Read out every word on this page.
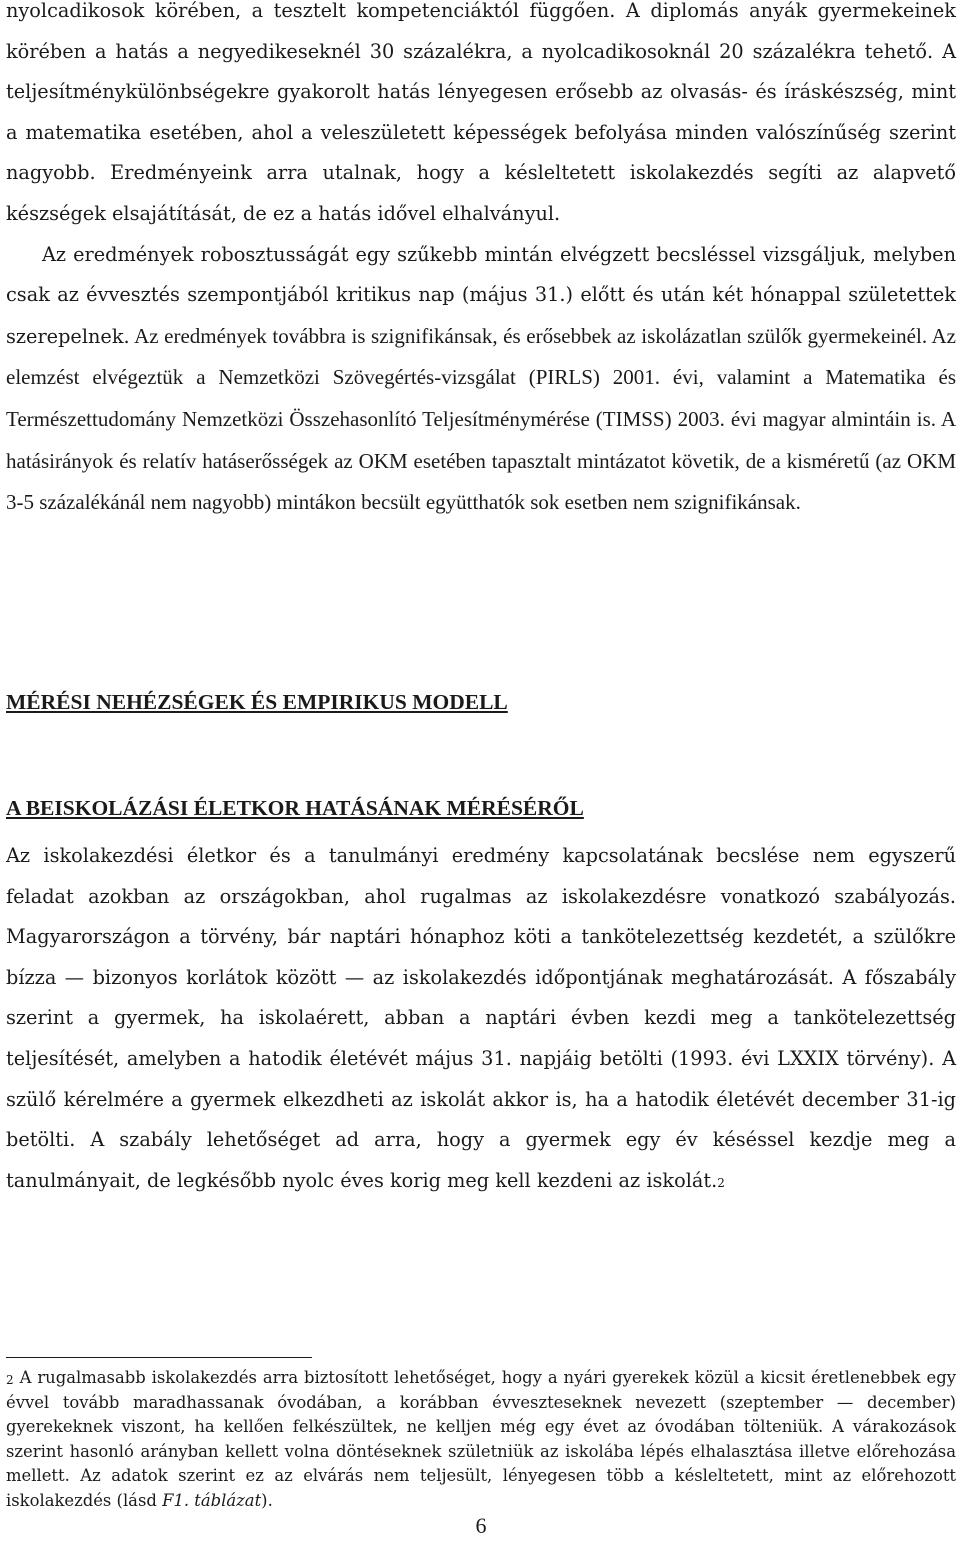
nyolcadikosok körében, a tesztelt kompetenciáktól függően. A diplomás anyák gyermekeinek körében a hatás a negyedikeseknél 30 százalékra, a nyolcadikosoknál 20 százalékra tehető. A teljesítménykülönbségekre gyakorolt hatás lényegesen erősebb az olvasás- és íráskészség, mint a matematika esetében, ahol a veleszületett képességek befolyása minden valószínűség szerint nagyobb. Eredményeink arra utalnak, hogy a késleltetett iskolakezdés segíti az alapvető készségek elsajátítását, de ez a hatás idővel elhalványul.

Az eredmények robosztusságát egy szűkebb mintán elvégzett becsléssel vizsgáljuk, melyben csak az évvesztés szempontjából kritikus nap (május 31.) előtt és után két hónappal születettek szerepelnek. Az eredmények továbbra is szignifikánsak, és erősebbek az iskolázatlan szülők gyermekeinél. Az elemzést elvégeztük a Nemzetközi Szövegértés-vizsgálat (PIRLS) 2001. évi, valamint a Matematika és Természettudomány Nemzetközi Összehasonlító Teljesítménymérése (TIMSS) 2003. évi magyar almintáin is. A hatásirányok és relatív hatáserősségek az OKM esetében tapasztalt mintázatot követik, de a kisméretű (az OKM 3-5 százalékánál nem nagyobb) mintákon becsült együtthatók sok esetben nem szignifikánsak.

MÉRÉSI NEHÉZSÉGEK ÉS EMPIRIKUS MODELL
A BEISKOLÁZÁSI ÉLETKOR HATÁSÁNAK MÉRÉSÉRŐL

Az iskolakezdési életkor és a tanulmányi eredmény kapcsolatának becslése nem egyszerű feladat azokban az országokban, ahol rugalmas az iskolakezdésre vonatkozó szabályozás. Magyarországon a törvény, bár naptári hónaphoz köti a tankötelezettség kezdetét, a szülőkre bízza — bizonyos korlátok között — az iskolakezdés időpontjának meghatározását. A főszabály szerint a gyermek, ha iskolaérett, abban a naptári évben kezdi meg a tankötelezettség teljesítését, amelyben a hatodik életévét május 31. napjáig betölti (1993. évi LXXIX törvény). A szülő kérelmére a gyermek elkezdheti az iskolát akkor is, ha a hatodik életévét december 31-ig betölti. A szabály lehetőséget ad arra, hogy a gyermek egy év késéssel kezdje meg a tanulmányait, de legkésőbb nyolc éves korig meg kell kezdeni az iskolát.$^2$

$^2$ A rugalmasabb iskolakezdés arra biztosított lehetőséget, hogy a nyári gyerekek közül a kicsit éretlenebbek egy évvel tovább maradhassanak óvodában, a korábban évveszteseknek nevezett (szeptember — december) gyerekeknek viszont, ha kellően felkészültek, ne kelljen még egy évet az óvodában tölteniük. A várakozások szerint hasonló arányban kellett volna döntéseknek születniük az iskolába lépés elhalasztása illetve előrehozása mellett. Az adatok szerint ez az elvárás nem teljesült, lényegesen több a késleltetett, mint az előrehozott iskolakezdés (lásd F1. táblázat).

6
